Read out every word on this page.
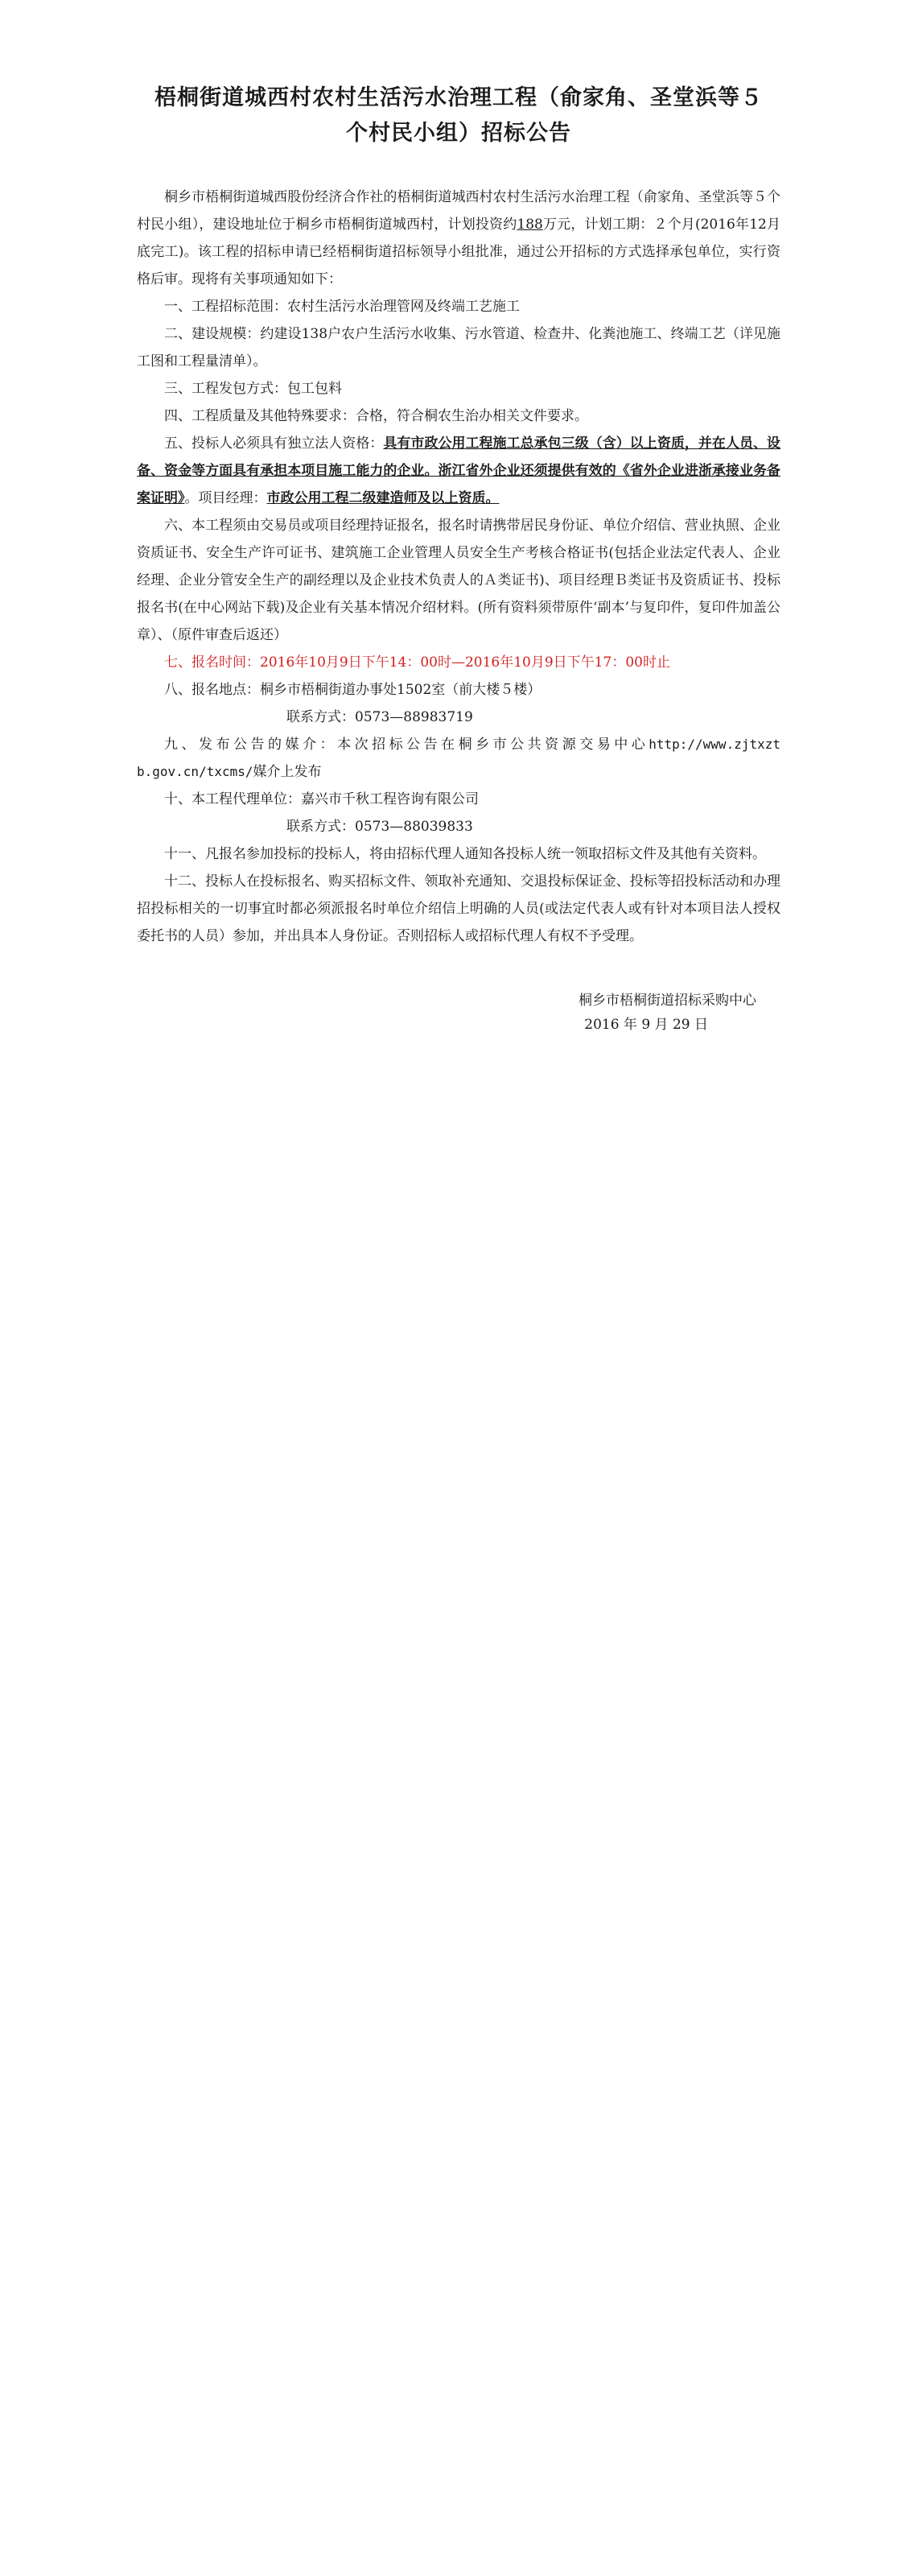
梧桐街道城西村农村生活污水治理工程（俞家角、圣堂浜等５
个村民小组）招标公告

桐乡市梧桐街道城西股份经济合作社的梧桐街道城西村农村生活污水治理工程（俞家角、圣堂浜等５个村民小组），建设地址位于桐乡市梧桐街道城西村，计划投资约188万元，计划工期：２个月(2016年12月底完工)。该工程的招标申请已经梧桐街道招标领导小组批准，通过公开招标的方式选择承包单位，实行资格后审。现将有关事项通知如下：

一、工程招标范围：农村生活污水治理管网及终端工艺施工

二、建设规模：约建设138户农户生活污水收集、污水管道、检查井、化粪池施工、终端工艺（详见施工图和工程量清单）。

三、工程发包方式：包工包料

四、工程质量及其他特殊要求：合格，符合桐农生治办相关文件要求。

五、投标人必须具有独立法人资格：具有市政公用工程施工总承包三级（含）以上资质，并在人员、设备、资金等方面具有承担本项目施工能力的企业。浙江省外企业还须提供有效的《省外企业进浙承接业务备案证明》。项目经理：市政公用工程二级建造师及以上资质。

六、本工程须由交易员或项目经理持证报名，报名时请携带居民身份证、单位介绍信、营业执照、企业资质证书、安全生产许可证书、建筑施工企业管理人员安全生产考核合格证书(包括企业法定代表人、企业经理、企业分管安全生产的副经理以及企业技术负责人的Ａ类证书)、项目经理Ｂ类证书及资质证书、投标报名书(在中心网站下载)及企业有关基本情况介绍材料。(所有资料须带原件‘副本’与复印件，复印件加盖公章）、（原件审查后返还）

七、报名时间：2016年10月9日下午14：00时—2016年10月9日下午17：00时止

八、报名地点：桐乡市梧桐街道办事处1502室（前大楼５楼）

联系方式：0573—88983719

九、发布公告的媒介：本次招标公告在桐乡市公共资源交易中心http://www.zjtxztb.gov.cn/txcms/媒介上发布

十、本工程代理单位：嘉兴市千秋工程咨询有限公司

联系方式：0573—88039833

十一、凡报名参加投标的投标人，将由招标代理人通知各投标人统一领取招标文件及其他有关资料。

十二、投标人在投标报名、购买招标文件、领取补充通知、交退投标保证金、投标等招投标活动和办理招投标相关的一切事宜时都必须派报名时单位介绍信上明确的人员(或法定代表人或有针对本项目法人授权委托书的人员）参加，并出具本人身份证。否则招标人或招标代理人有权不予受理。

桐乡市梧桐街道招标采购中心
2016 年 9 月 29 日
